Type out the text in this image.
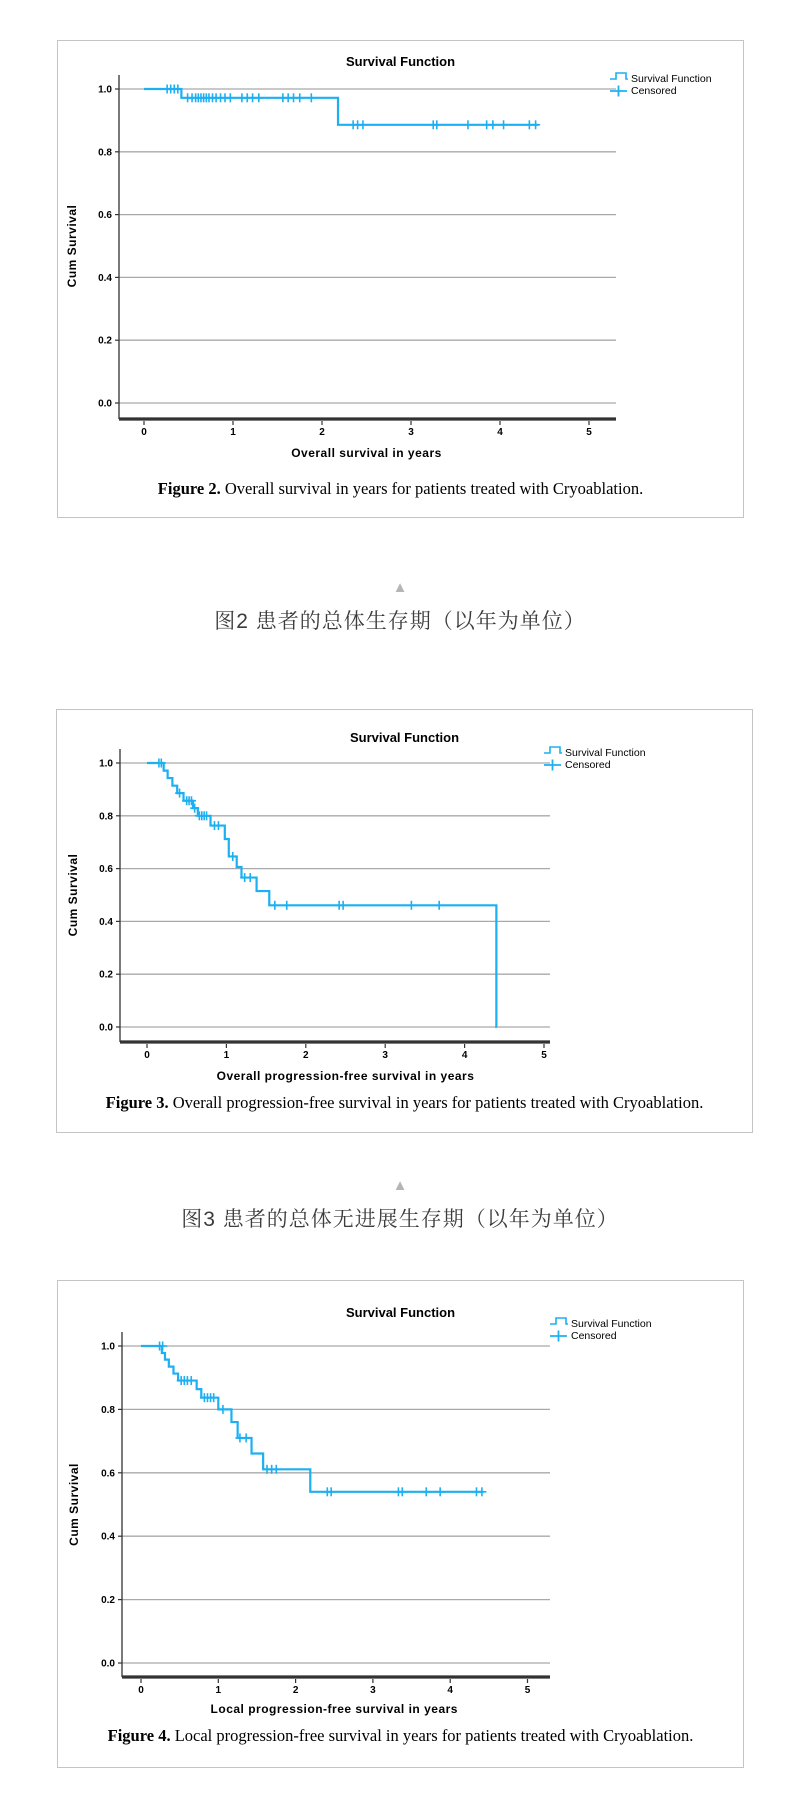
0.0
0.2
0.4
0.6
0.8
1.0
0	1	2	3	4	5
Survival Function
Overall survival in years
Cum Survival
Survival Function
Censored

Figure 2. Overall survival in years for patients treated with Cryoablation.

▲
图2 患者的总体生存期（以年为单位）
0.0
0.2
0.4
0.6
0.8
1.0
0	1	2	3	4	5
Survival Function
Overall progression-free survival in years
Cum Survival
Survival Function
Censored

Figure 3. Overall progression-free survival in years for patients treated with Cryoablation.

▲
图3 患者的总体无进展生存期（以年为单位）
0.0
0.2
0.4
0.6
0.8
1.0
0	1	2	3	4	5
Survival Function
Local progression-free survival in years
Cum Survival
Survival Function
Censored

Figure 4. Local progression-free survival in years for patients treated with Cryoablation.
